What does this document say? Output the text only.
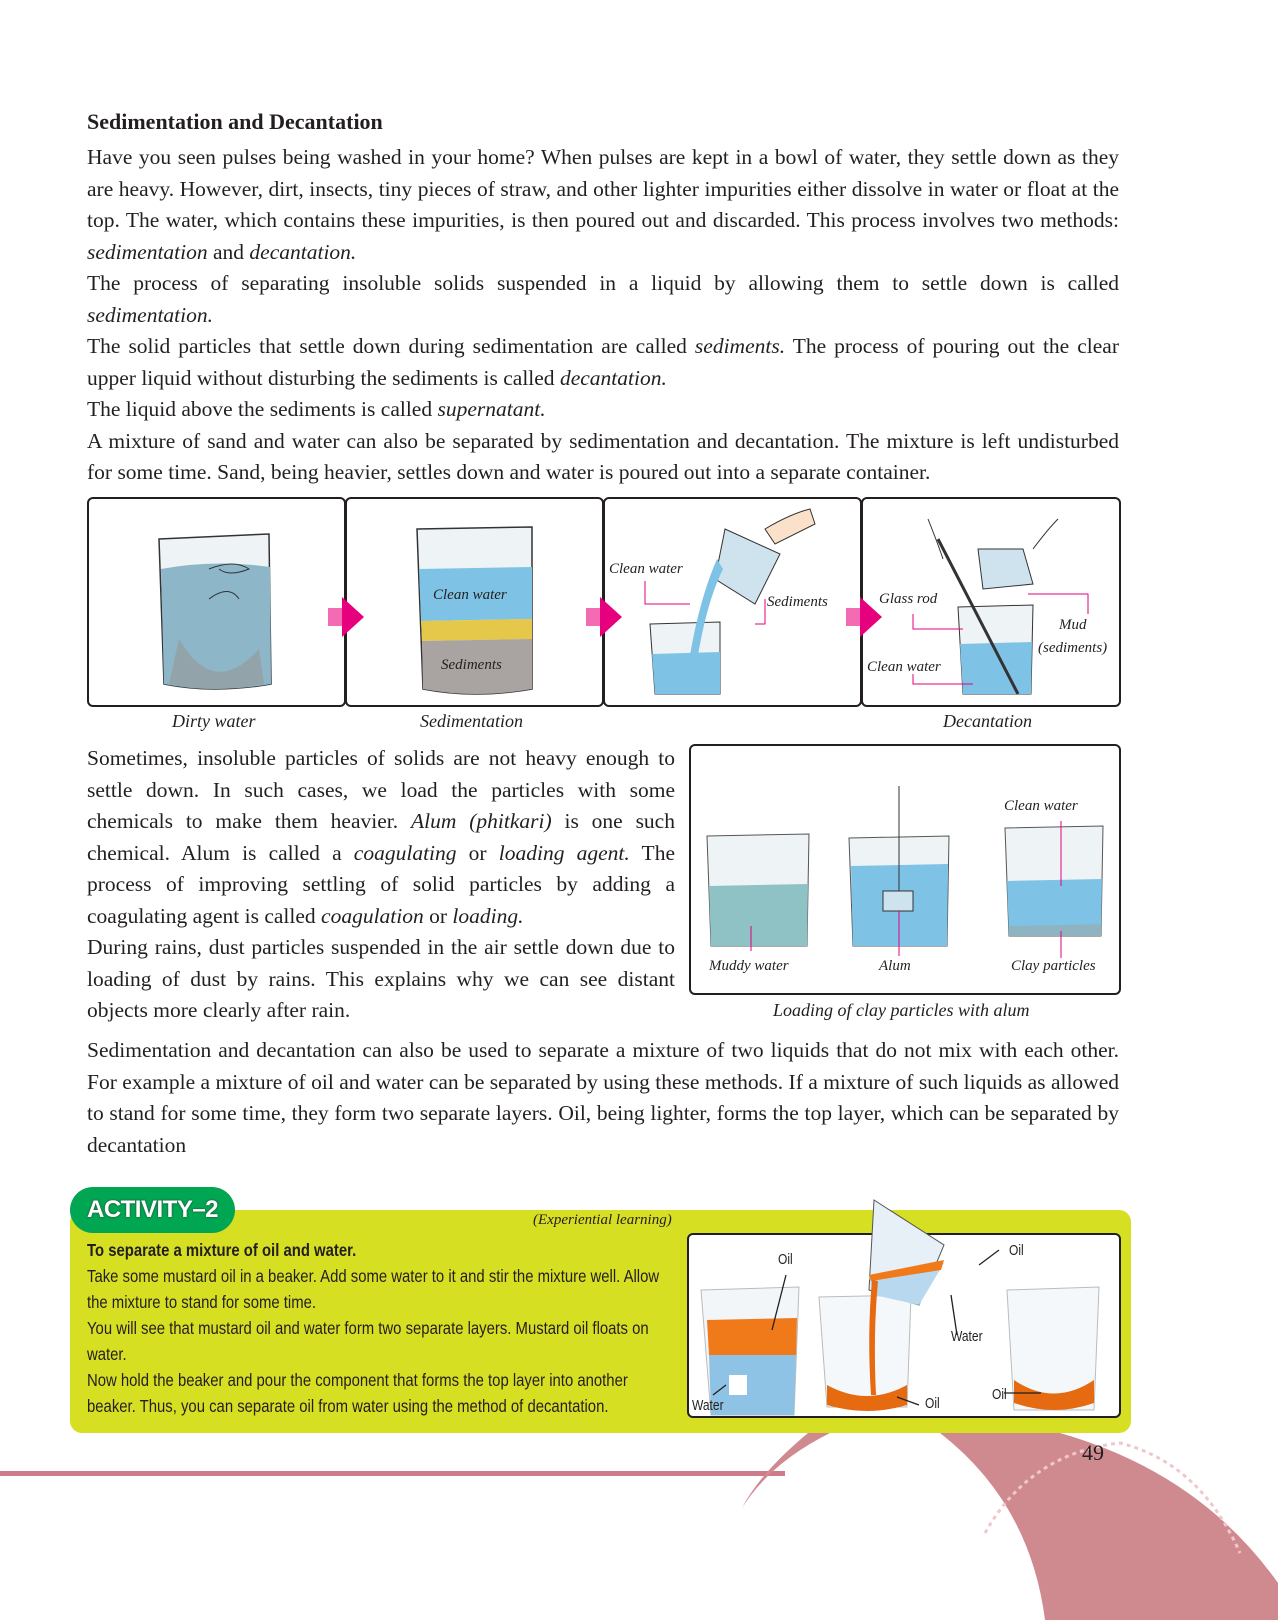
Sedimentation and Decantation

Have you seen pulses being washed in your home? When pulses are kept in a bowl of water, they settle down as they are heavy. However, dirt, insects, tiny pieces of straw, and other lighter impurities either dissolve in water or float at the top. The water, which contains these impurities, is then poured out and discarded. This process involves two methods: sedimentation and decantation.

The process of separating insoluble solids suspended in a liquid by allowing them to settle down is called sedimentation.

The solid particles that settle down during sedimentation are called sediments. The process of pouring out the clear upper liquid without disturbing the sediments is called decantation.

The liquid above the sediments is called supernatant.

A mixture of sand and water can also be separated by sedimentation and decantation. The mixture is left undisturbed for some time. Sand, being heavier, settles down and water is poured out into a separate container.

Clean water
Sediments
Clean water
Sediments	Glass rod
Mud
(sediments)
Clean water
Dirty water	Sedimentation	Decantation

Sometimes, insoluble particles of solids are not heavy enough to settle down. In such cases, we load the particles with some chemicals to make them heavier. Alum (phitkari) is one such chemical. Alum is called a coagulating or loading agent. The process of improving settling of solid particles by adding a coagulating agent is called coagulation or loading.

During rains, dust particles suspended in the air settle down due to loading of dust by rains. This explains why we can see distant objects more clearly after rain.

Clean water
Muddy water	Alum	Clay particles
Loading of clay particles with alum

Sedimentation and decantation can also be used to separate a mixture of two liquids that do not mix with each other. For example a mixture of oil and water can be separated by using these methods. If a mixture of such liquids as allowed to stand for some time, they form two separate layers. Oil, being lighter, forms the top layer, which can be separated by decantation

ACTIVITY–2	(Experiential learning)

To separate a mixture of oil and water.

Take some mustard oil in a beaker. Add some water to it and stir the mixture well. Allow the mixture to stand for some time.

You will see that mustard oil and water form two separate layers. Mustard oil floats on water.

Now hold the beaker and pour the component that forms the top layer into another beaker. Thus, you can separate oil from water using the method of decantation.

Oil
Oil
Water
Water	Oil
Oil
49
